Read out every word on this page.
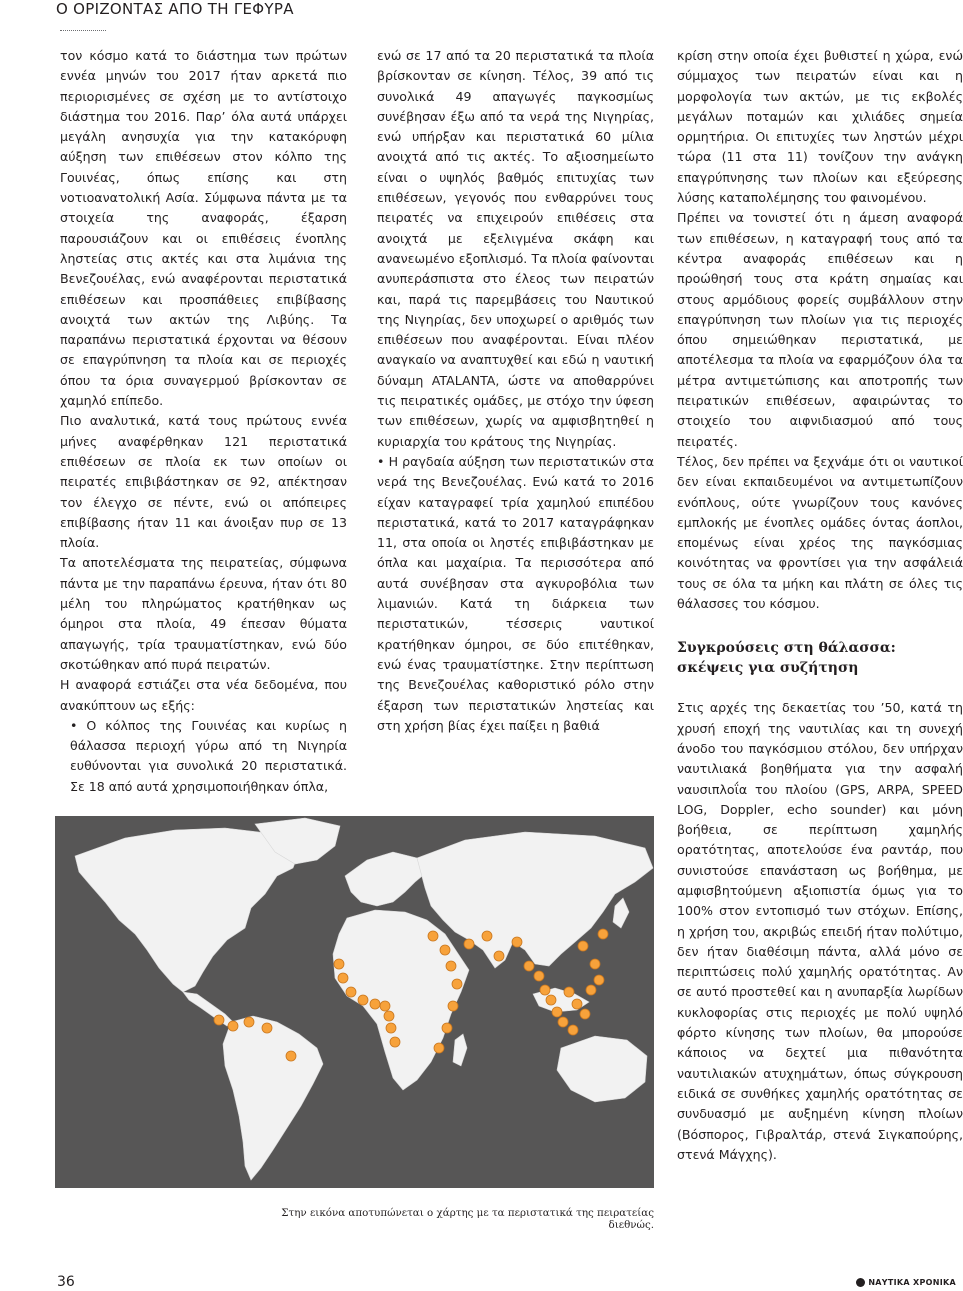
Ο ΟΡΙΖΟΝΤΑΣ ΑΠΟ ΤΗ ΓΕΦΥΡΑ

τον κόσμο κατά το διάστημα των πρώτων εννέα μηνών του 2017 ήταν αρκετά πιο περιορισμένες σε σχέση με το αντίστοιχο διάστημα του 2016. Παρ’ όλα αυτά υπάρχει μεγάλη ανησυχία για την κατακόρυφη αύξηση των επιθέσεων στον κόλπο της Γουινέας, όπως επίσης και στη νοτιοανατολική Ασία. Σύμφωνα πάντα με τα στοιχεία της αναφοράς, έξαρση παρουσιάζουν και οι επιθέσεις ένοπλης ληστείας στις ακτές και στα λιμάνια της Βενεζουέλας, ενώ αναφέρονται περιστατικά επιθέσεων και προσπάθειες επιβίβασης ανοιχτά των ακτών της Λιβύης. Τα παραπάνω περιστατικά έρχονται να θέσουν σε επαγρύπνηση τα πλοία και σε περιοχές όπου τα όρια συναγερμού βρίσκονταν σε χαμηλό επίπεδο.

Πιο αναλυτικά, κατά τους πρώτους εννέα μήνες αναφέρθηκαν 121 περιστατικά επιθέσεων σε πλοία εκ των οποίων οι πειρατές επιβιβάστηκαν σε 92, απέκτησαν τον έλεγχο σε πέντε, ενώ οι απόπειρες επιβίβασης ήταν 11 και άνοιξαν πυρ σε 13 πλοία.

Τα αποτελέσματα της πειρατείας, σύμφωνα πάντα με την παραπάνω έρευνα, ήταν ότι 80 μέλη του πληρώματος κρατήθηκαν ως όμηροι στα πλοία, 49 έπεσαν θύματα απαγωγής, τρία τραυματίστηκαν, ενώ δύο σκοτώθηκαν από πυρά πειρατών.

Η αναφορά εστιάζει στα νέα δεδομένα, που ανακύπτουν ως εξής:

• Ο κόλπος της Γουινέας και κυρίως η θάλασσα περιοχή γύρω από τη Νιγηρία ευθύνονται για συνολικά 20 περιστατικά. Σε 18 από αυτά χρησιμοποιήθηκαν όπλα,

ενώ σε 17 από τα 20 περιστατικά τα πλοία βρίσκονταν σε κίνηση. Τέλος, 39 από τις συνολικά 49 απαγωγές παγκοσμίως συνέβησαν έξω από τα νερά της Νιγηρίας, ενώ υπήρξαν και περιστατικά 60 μίλια ανοιχτά από τις ακτές. Το αξιοσημείωτο είναι ο υψηλός βαθμός επιτυχίας των επιθέσεων, γεγονός που ενθαρρύνει τους πειρατές να επιχειρούν επιθέσεις στα ανοιχτά με εξελιγμένα σκάφη και ανανεωμένο εξοπλισμό. Τα πλοία φαίνονται ανυπεράσπιστα στο έλεος των πειρατών και, παρά τις παρεμβάσεις του Ναυτικού της Νιγηρίας, δεν υποχωρεί ο αριθμός των επιθέσεων που αναφέρονται. Είναι πλέον αναγκαίο να αναπτυχθεί και εδώ η ναυτική δύναμη ATALANTA, ώστε να αποθαρρύνει τις πειρατικές ομάδες, με στόχο την ύφεση των επιθέσεων, χωρίς να αμφισβητηθεί η κυριαρχία του κράτους της Νιγηρίας.

• Η ραγδαία αύξηση των περιστατικών στα νερά της Βενεζουέλας. Ενώ κατά το 2016 είχαν καταγραφεί τρία χαμηλού επιπέδου περιστατικά, κατά το 2017 καταγράφηκαν 11, στα οποία οι ληστές επιβιβάστηκαν με όπλα και μαχαίρια. Τα περισσότερα από αυτά συνέβησαν στα αγκυροβόλια των λιμανιών. Κατά τη διάρκεια των περιστατικών, τέσσερις ναυτικοί κρατήθηκαν όμηροι, σε δύο επιτέθηκαν, ενώ ένας τραυματίστηκε. Στην περίπτωση της Βενεζουέλας καθοριστικό ρόλο στην έξαρση των περιστατικών ληστείας και στη χρήση βίας έχει παίξει η βαθιά

κρίση στην οποία έχει βυθιστεί η χώρα, ενώ σύμμαχος των πειρατών είναι και η μορφολογία των ακτών, με τις εκβολές μεγάλων ποταμών και χιλιάδες σημεία ορμητήρια. Οι επιτυχίες των ληστών μέχρι τώρα (11 στα 11) τονίζουν την ανάγκη επαγρύπνησης των πλοίων και εξεύρεσης λύσης καταπολέμησης του φαινομένου.

Πρέπει να τονιστεί ότι η άμεση αναφορά των επιθέσεων, η καταγραφή τους από τα κέντρα αναφοράς επιθέσεων και η προώθησή τους στα κράτη σημαίας και στους αρμόδιους φορείς συμβάλλουν στην επαγρύπνηση των πλοίων για τις περιοχές όπου σημειώθηκαν περιστατικά, με αποτέλεσμα τα πλοία να εφαρμόζουν όλα τα μέτρα αντιμετώπισης και αποτροπής των πειρατικών επιθέσεων, αφαιρώντας το στοιχείο του αιφνιδιασμού από τους πειρατές.

Τέλος, δεν πρέπει να ξεχνάμε ότι οι ναυτικοί δεν είναι εκπαιδευμένοι να αντιμετωπίζουν ενόπλους, ούτε γνωρίζουν τους κανόνες εμπλοκής με ένοπλες ομάδες όντας άοπλοι, επομένως είναι χρέος της παγκόσμιας κοινότητας να φροντίσει για την ασφάλειά τους σε όλα τα μήκη και πλάτη σε όλες τις θάλασσες του κόσμου.

Συγκρούσεις στη θάλασσα:
σκέψεις για συζήτηση

Στις αρχές της δεκαετίας του ’50, κατά τη χρυσή εποχή της ναυτιλίας και τη συνεχή άνοδο του παγκόσμιου στόλου, δεν υπήρχαν ναυτιλιακά βοηθήματα για την ασφαλή ναυσιπλοΐα του πλοίου (GPS, ARPA, SPEED LOG, Doppler, echo sounder) και μόνη βοήθεια, σε περίπτωση χαμηλής ορατότητας, αποτελούσε ένα ραντάρ, που συνιστούσε επανάσταση ως βοήθημα, με αμφισβητούμενη αξιοπιστία όμως για το 100% στον εντοπισμό των στόχων. Επίσης, η χρήση του, ακριβώς επειδή ήταν πολύτιμο, δεν ήταν διαθέσιμη πάντα, αλλά μόνο σε περιπτώσεις πολύ χαμηλής ορατότητας. Αν σε αυτό προστεθεί και η ανυπαρξία λωρίδων κυκλοφορίας στις περιοχές με πολύ υψηλό φόρτο κίνησης των πλοίων, θα μπορούσε κάποιος να δεχτεί μια πιθανότητα ναυτιλιακών ατυχημάτων, όπως σύγκρουση ειδικά σε συνθήκες χαμηλής ορατότητας σε συνδυασμό με αυξημένη κίνηση πλοίων (Βόσπορος, Γιβραλτάρ, στενά Σιγκαπούρης, στενά Μάγχης).

Στην εικόνα αποτυπώνεται ο χάρτης με τα περιστατικά της πειρατείας διεθνώς.
36	ΝΑΥΤΙΚΑ ΧΡΟΝΙΚΑ
